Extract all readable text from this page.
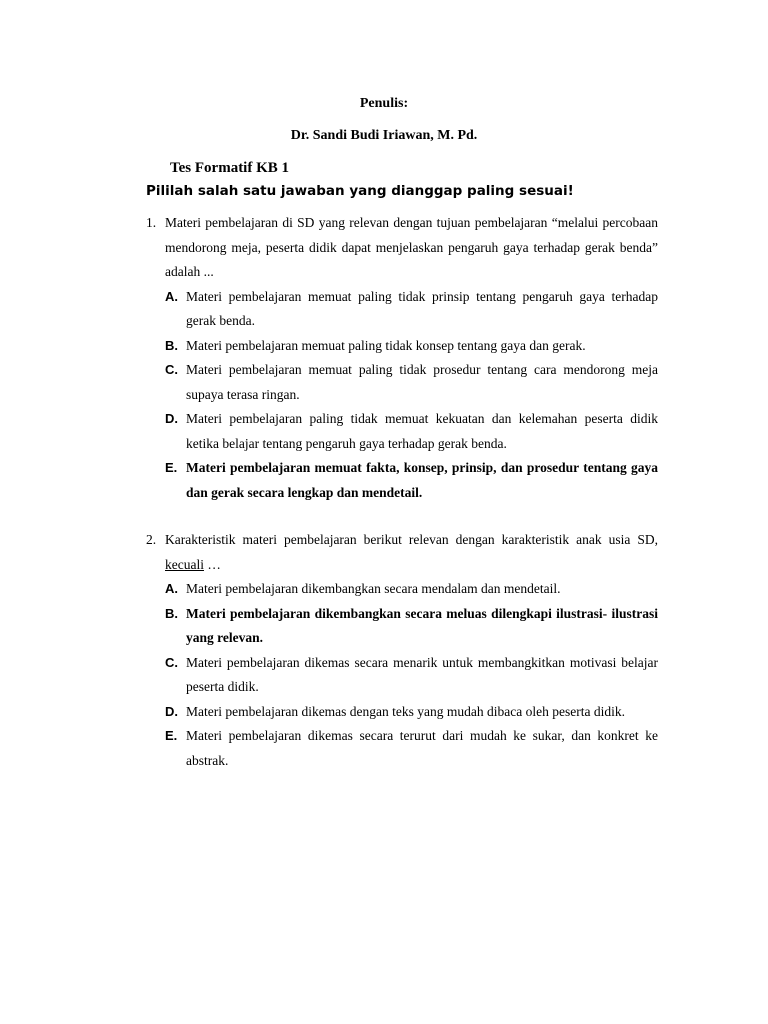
Penulis:
Dr. Sandi Budi Iriawan, M. Pd.
Tes Formatif KB 1
Pililah salah satu jawaban yang dianggap paling sesuai!
1. Materi pembelajaran di SD yang relevan dengan tujuan pembelajaran “melalui percobaan mendorong meja, peserta didik dapat menjelaskan pengaruh gaya terhadap gerak benda” adalah ...
A. Materi pembelajaran memuat paling tidak prinsip tentang pengaruh gaya terhadap gerak benda.
B. Materi pembelajaran memuat paling tidak konsep tentang gaya dan gerak.
C. Materi pembelajaran memuat paling tidak prosedur tentang cara mendorong meja supaya terasa ringan.
D. Materi pembelajaran paling tidak memuat kekuatan dan kelemahan peserta didik ketika belajar tentang pengaruh gaya terhadap gerak benda.
E. Materi pembelajaran memuat fakta, konsep, prinsip, dan prosedur tentang gaya dan gerak secara lengkap dan mendetail.
2. Karakteristik materi pembelajaran berikut relevan dengan karakteristik anak usia SD, kecuali …
A. Materi pembelajaran dikembangkan secara mendalam dan mendetail.
B. Materi pembelajaran dikembangkan secara meluas dilengkapi ilustrasi- ilustrasi yang relevan.
C. Materi pembelajaran dikemas secara menarik untuk membangkitkan motivasi belajar peserta didik.
D. Materi pembelajaran dikemas dengan teks yang mudah dibaca oleh peserta didik.
E. Materi pembelajaran dikemas secara terurut dari mudah ke sukar, dan konkret ke abstrak.
